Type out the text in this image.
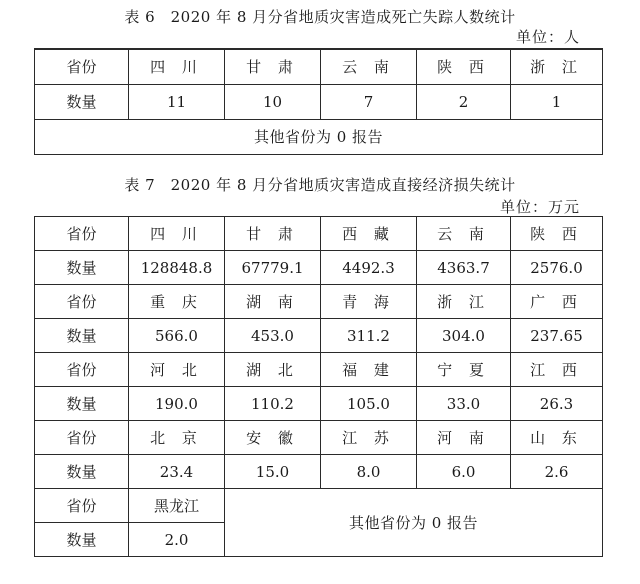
表 6　2020 年 8 月分省地质灾害造成死亡失踪人数统计
单位：人
省份	四 川	甘 肃	云 南	陕 西	浙 江
数量	11	10	7	2	1
其他省份为 0 报告					
表 7　2020 年 8 月分省地质灾害造成直接经济损失统计
单位：万元
省份	四 川	甘 肃	西 藏	云 南	陕 西
数量	128848.8	67779.1	4492.3	4363.7	2576.0
省份	重 庆	湖 南	青 海	浙 江	广 西
数量	566.0	453.0	311.2	304.0	237.65
省份	河 北	湖 北	福 建	宁 夏	江 西
数量	190.0	110.2	105.0	33.0	26.3
省份	北 京	安 徽	江 苏	河 南	山 东
数量	23.4	15.0	8.0	6.0	2.6
省份	黑龙江	其他省份为 0 报告			
数量	2.0				
